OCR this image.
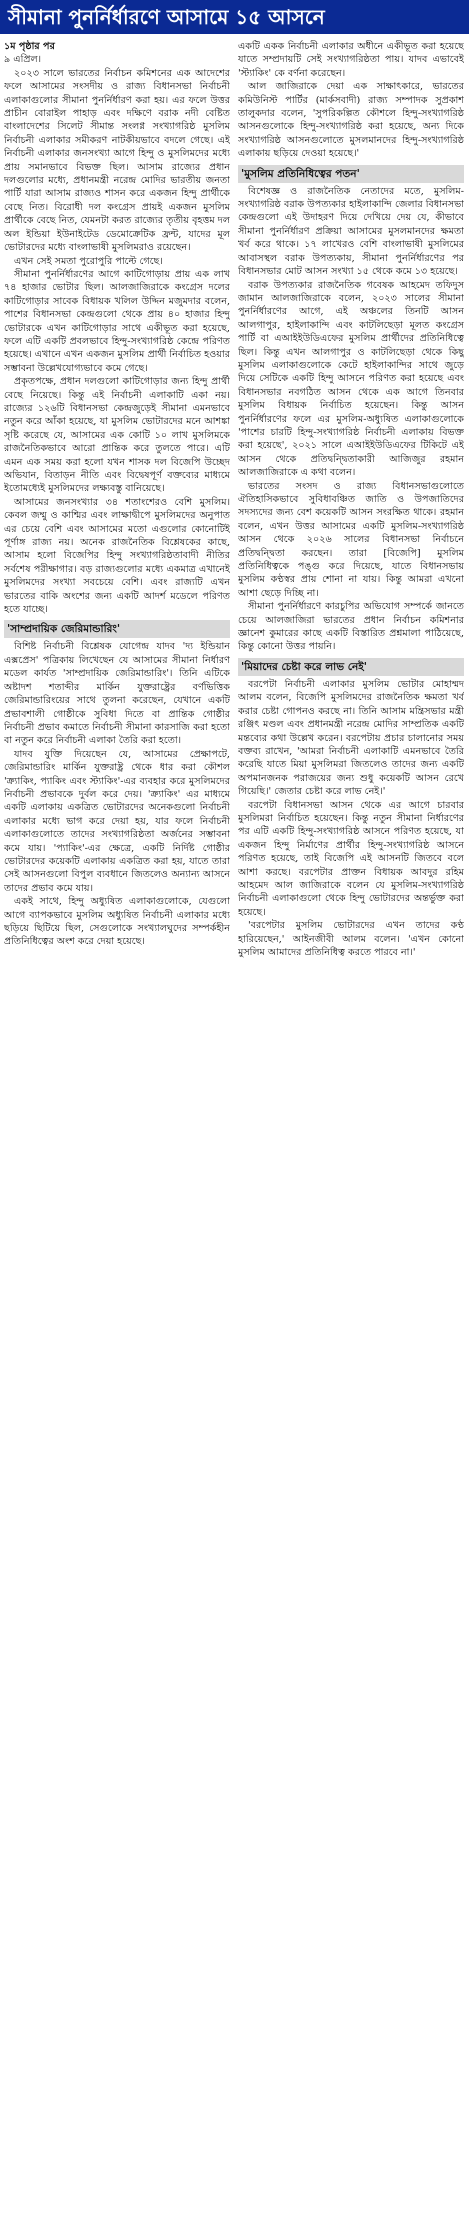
সীমানা পুনর্নির্ধারণে আসামে ১৫ আসনে
১ম পৃষ্ঠার পর
৯ এপ্রিল।

২০২৩ সালে ভারতের নির্বাচন কমিশনের এক আদেশের ফলে আসামের সংসদীয় ও রাজ্য বিধানসভা নির্বাচনী এলাকাগুলোর সীমানা পুনর্নির্ধারণ করা হয়। এর ফলে উত্তর প্রাচীন বোরাইল পাহাড় এবং দক্ষিণে বরাক নদী বেষ্টিত বাংলাদেশের সিলেট সীমান্ত সংলগ্ন সংখ্যাগরিষ্ঠ মুসলিম নির্বাচনী এলাকার সমীকরণ নাটকীয়ভাবে বদলে গেছে। এই নির্বাচনী এলাকার জনসংখ্যা আগে হিন্দু ও মুসলিমদের মধ্যে প্রায় সমানভাবে বিভক্ত ছিল। আসাম রাজ্যের প্রধান দলগুলোর মধ্যে, প্রধানমন্ত্রী নরেন্দ্র মোদির ভারতীয় জনতা পার্টি যারা আসাম রাজ্যও শাসন করে একজন হিন্দু প্রার্থীকে বেছে নিত। বিরোধী দল কংগ্রেস প্রায়ই একজন মুসলিম প্রার্থীকে বেছে নিত, যেমনটা করত রাজ্যের তৃতীয় বৃহত্তম দল অল ইন্ডিয়া ইউনাইটেড ডেমোক্রেটিক ফ্রন্ট, যাদের মূল ভোটারদের মধ্যে বাংলাভাষী মুসলিমরাও রয়েছেন।

এখন সেই সমতা পুরোপুরি পাল্টে গেছে।

সীমানা পুনর্নির্ধারণের আগে কাটিগোড়ায় প্রায় এক লাখ ৭৪ হাজার ভোটার ছিল। আলজাজিরাকে কংগ্রেস দলের কাটিগোড়ার সাবেক বিধায়ক খলিল উদ্দিন মজুমদার বলেন, পাশের বিধানসভা কেন্দ্রগুলো থেকে প্রায় ৪০ হাজার হিন্দু ভোটারকে এখন কাটিগোড়ার সাথে একীভূত করা হয়েছে, ফলে এটি একটি প্রবলভাবে হিন্দু-সংখ্যাগরিষ্ঠ কেন্দ্রে পরিণত হয়েছে। এখানে এখন একজন মুসলিম প্রার্থী নির্বাচিত হওয়ার সম্ভাবনা উল্লেখযোগ্যভাবে কমে গেছে।

প্রকৃতপক্ষে, প্রধান দলগুলো কাটিগোড়ার জন্য হিন্দু প্রার্থী বেছে নিয়েছে। কিন্তু এই নির্বাচনী এলাকাটি একা নয়। রাজ্যের ১২৬টি বিধানসভা কেন্দ্রজুড়েই সীমানা এমনভাবে নতুন করে আঁকা হয়েছে, যা মুসলিম ভোটারদের মনে আশঙ্কা সৃষ্টি করেছে যে, আসামের এক কোটি ১০ লাখ মুসলিমকে রাজনৈতিকভাবে আরো প্রান্তিক করে তুলতে পারে। এটি এমন এক সময় করা হলো যখন শাসক দল বিজেপি উচ্ছেদ অভিযান, বিতাড়ন নীতি এবং বিদ্বেষপূর্ণ বক্তব্যের মাধ্যমে ইতোমধ্যেই মুসলিমদের লক্ষ্যবস্তু বানিয়েছে।

আসামের জনসংখ্যার ৩৪ শতাংশেরও বেশি মুসলিম। কেবল জম্মু ও কাশ্মির এবং লাক্ষাদ্বীপে মুসলিমদের অনুপাত এর চেয়ে বেশি এবং আসামের মতো এগুলোর কোনোটিই পূর্ণাঙ্গ রাজ্য নয়। অনেক রাজনৈতিক বিশ্লেষকের কাছে, আসাম হলো বিজেপির হিন্দু সংখ্যাগরিষ্ঠতাবাদী নীতির সর্বশেষ পরীক্ষাগার। বড় রাজ্যগুলোর মধ্যে একমাত্র এখানেই মুসলিমদের সংখ্যা সবচেয়ে বেশি। এবং রাজ্যটি এখন ভারতের বাকি অংশের জন্য একটি আদর্শ মডেলে পরিণত হতে যাচ্ছে।

'সাম্প্রদায়িক জেরিমান্ডারিং'

বিশিষ্ট নির্বাচনী বিশ্লেষক যোগেন্দ্র যাদব 'দ্য ইন্ডিয়ান এক্সপ্রেস' পত্রিকায় লিখেছেন যে আসামের সীমানা নির্ধারণ মডেল কার্যত 'সাম্প্রদায়িক জেরিমান্ডারিং'। তিনি এটিকে অষ্টাদশ শতাব্দীর মার্কিন যুক্তরাষ্ট্রের বর্ণভিত্তিক জেরিমান্ডারিংয়ের সাথে তুলনা করেছেন, যেখানে একটি প্রভাবশালী গোষ্ঠীকে সুবিধা দিতে বা প্রান্তিক গোষ্ঠীর নির্বাচনী প্রভাব কমাতে নির্বাচনী সীমানা কারসাজি করা হতো বা নতুন করে নির্বাচনী এলাকা তৈরি করা হতো।

যাদব যুক্তি দিয়েছেন যে, আসামের প্রেক্ষাপটে, জেরিমান্ডারিং মার্কিন যুক্তরাষ্ট্র থেকে ধার করা কৌশল 'ক্র্যাকিং, প্যাকিং এবং স্ট্যাকিং'-এর ব্যবহার করে মুসলিমদের নির্বাচনী প্রভাবকে দুর্বল করে দেয়। 'ক্র্যাকিং' এর মাধ্যমে একটি এলাকায় একত্রিত ভোটারদের অনেকগুলো নির্বাচনী এলাকার মধ্যে ভাগ করে দেয়া হয়, যার ফলে নির্বাচনী এলাকাগুলোতে তাদের সংখ্যাগরিষ্ঠতা অর্জনের সম্ভাবনা কমে যায়। 'প্যাকিং'-এর ক্ষেত্রে, একটি নির্দিষ্ট গোষ্ঠীর ভোটারদের কয়েকটি এলাকায় একত্রিত করা হয়, যাতে তারা সেই আসনগুলো বিপুল ব্যবধানে জিতলেও অন্যান্য আসনে তাদের প্রভাব কমে যায়।

একই সাথে, হিন্দু অধ্যুষিত এলাকাগুলোকে, যেগুলো আগে ব্যাপকভাবে মুসলিম অধ্যুষিত নির্বাচনী এলাকার মধ্যে ছড়িয়ে ছিটিয়ে ছিল, সেগুলোকে সংখ্যালঘুদের সম্পর্কহীন প্রতিনিধিত্বের অংশ করে দেয়া হয়েছে।

একটি একক নির্বাচনী এলাকার অধীনে একীভূত করা হয়েছে যাতে সম্প্রদায়টি সেই সংখ্যাগরিষ্ঠতা পায়। যাদব এভাবেই 'স্ট্যাকিং' কে বর্ণনা করেছেন।

আল জাজিরাকে দেয়া এক সাক্ষাৎকারে, ভারতের কমিউনিস্ট পার্টির (মার্কসবাদী) রাজ্য সম্পাদক সুপ্রকাশ তালুকদার বলেন, 'সুপরিকল্পিত কৌশলে হিন্দু-সংখ্যাগরিষ্ঠ আসনগুলোকে হিন্দু-সংখ্যাগরিষ্ঠ করা হয়েছে, অন্য দিকে সংখ্যাগরিষ্ঠ আসনগুলোতে মুসলমানদের হিন্দু-সংখ্যাগরিষ্ঠ এলাকায় ছড়িয়ে দেওয়া হয়েছে।'

'মুসলিম প্রতিনিধিত্বের পতন'

বিশেষজ্ঞ ও রাজনৈতিক নেতাদের মতে, মুসলিম-সংখ্যাগরিষ্ঠ বরাক উপত্যকার হাইলাকান্দি জেলার বিধানসভা কেন্দ্রগুলো এই উদাহরণ দিয়ে দেখিয়ে দেয় যে, কীভাবে সীমানা পুনর্নির্ধারণ প্রক্রিয়া আসামের মুসলমানদের ক্ষমতা খর্ব করে থাকে। ১৭ লাখেরও বেশি বাংলাভাষী মুসলিমের আবাসস্থল বরাক উপত্যকায়, সীমানা পুনর্নির্ধারণের পর বিধানসভার মোট আসন সংখ্যা ১৫ থেকে কমে ১৩ হয়েছে।

বরাক উপত্যকার রাজনৈতিক গবেষক আহমেদ তফিদুস জামান আলজাজিরাকে বলেন, ২০২৩ সালের সীমানা পুনর্নির্ধারণের আগে, এই অঞ্চলের তিনটি আসন আলগাপুর, হাইলাকান্দি এবং কাটলিছেড়া মূলত কংগ্রেস পার্টি বা এআইইউডিএফের মুসলিম প্রার্থীদের প্রতিনিধিত্বে ছিল। কিন্তু এখন আলগাপুর ও কাটলিছেড়া থেকে কিছু মুসলিম এলাকাগুলোকে কেটে হাইলাকান্দির সাথে জুড়ে দিয়ে সেটিকে একটি হিন্দু আসনে পরিণত করা হয়েছে এবং বিধানসভার নবগঠিত আসন থেকে এক আগে তিনবার মুসলিম বিধায়ক নির্বাচিত হয়েছেন। কিন্তু আসন পুনর্নির্ধারণের ফলে এর মুসলিম-অধ্যুষিত এলাকাগুলোকে 'পাশের চারটি হিন্দু-সংখ্যাগরিষ্ঠ নির্বাচনী এলাকায় বিভক্ত করা হয়েছে', ২০২১ সালে এআইইউডিএফের টিকিটে এই আসন থেকে প্রতিদ্বন্দ্বিতাকারী আজিজুর রহমান আলজাজিরাকে এ কথা বলেন।

ভারতের সংসদ ও রাজ্য বিধানসভাগুলোতে ঐতিহাসিকভাবে সুবিধাবঞ্চিত জাতি ও উপজাতিদের সদস্যদের জন্য বেশ কয়েকটি আসন সংরক্ষিত থাকে। রহমান বলেন, এখন উত্তর আসামের একটি মুসলিম-সংখ্যাগরিষ্ঠ আসন থেকে ২০২৬ সালের বিধানসভা নির্বাচনে প্রতিদ্বন্দ্বিতা করছেন। তারা [বিজেপি] মুসলিম প্রতিনিধিত্বকে পঙ্গু করে দিয়েছে, যাতে বিধানসভায় মুসলিম কণ্ঠস্বর প্রায় শোনা না যায়। কিন্তু আমরা এখনো আশা ছেড়ে দিচ্ছি না।

সীমানা পুনর্নির্ধারণে কারচুপির অভিযোগ সম্পর্কে জানতে চেয়ে আলজাজিরা ভারতের প্রধান নির্বাচন কমিশনার জ্ঞানেশ কুমারের কাছে একটি বিস্তারিত প্রশ্নমালা পাঠিয়েছে, কিন্তু কোনো উত্তর পায়নি।

'মিয়াদের চেষ্টা করে লাভ নেই'

বরপেটা নির্বাচনী এলাকার মুসলিম ভোটার মোহাম্মদ আলম বলেন, বিজেপি মুসলিমদের রাজনৈতিক ক্ষমতা খর্ব করার চেষ্টা গোপনও করছে না। তিনি আসাম মন্ত্রিসভার মন্ত্রী রঞ্জিৎ মণ্ডল এবং প্রধানমন্ত্রী নরেন্দ্র মোদির সাম্প্রতিক একটি মন্তব্যের কথা উল্লেখ করেন। বরপেটায় প্রচার চালানোর সময় বক্তব্য রাখেন, 'আমরা নির্বাচনী এলাকাটি এমনভাবে তৈরি করেছি যাতে মিয়া মুসলিমরা জিতলেও তাদের জন্য একটি অপমানজনক পরাজয়ের জন্য শুধু কয়েকটি আসন রেখে গিয়েছি।' জেতার চেষ্টা করে লাভ নেই।'

বরপেটা বিধানসভা আসন থেকে এর আগে চারবার মুসলিমরা নির্বাচিত হয়েছেন। কিন্তু নতুন সীমানা নির্ধারণের পর এটি একটি হিন্দু-সংখ্যাগরিষ্ঠ আসনে পরিণত হয়েছে, যা একজন হিন্দু নির্মাণের প্রার্থীর হিন্দু-সংখ্যাগরিষ্ঠ আসনে পরিণত হয়েছে, তাই বিজেপি এই আসনটি জিতবে বলে আশা করছে। বরপেটার প্রাক্তন বিধায়ক আবদুর রহিম আহমেদ আল জাজিরাকে বলেন যে মুসলিম-সংখ্যাগরিষ্ঠ নির্বাচনী এলাকাগুলো থেকে হিন্দু ভোটারদের অন্তর্ভুক্ত করা হয়েছে।

'বরপেটার মুসলিম ভোটারদের এখন তাদের কণ্ঠ হারিয়েছেন,' আইনজীবী আলম বলেন। 'এখন কোনো মুসলিম আমাদের প্রতিনিধিত্ব করতে পারবে না।'
